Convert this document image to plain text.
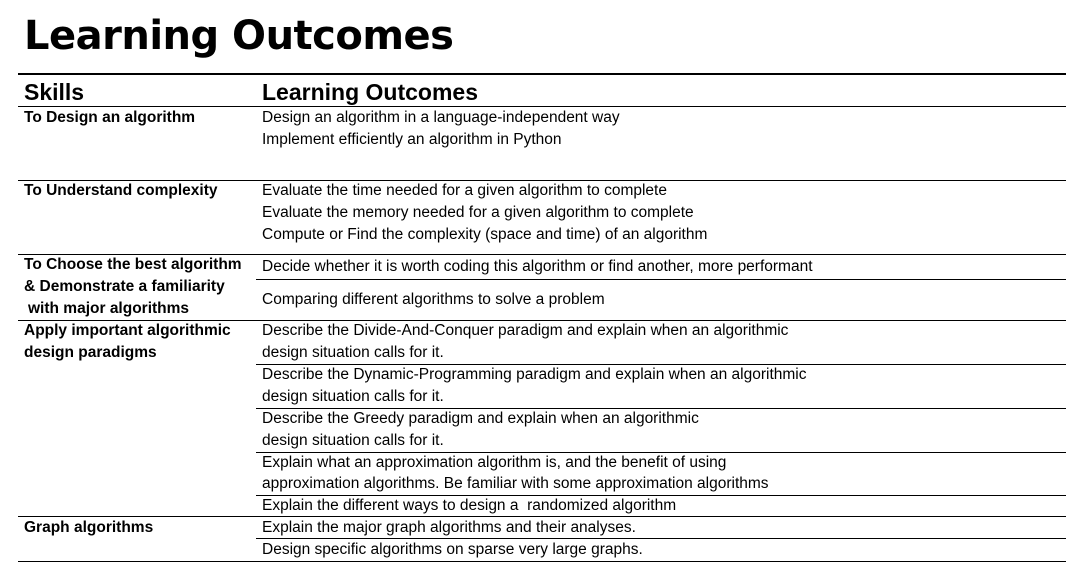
Learning Outcomes
Skills	Learning Outcomes
To Design an algorithm
To Understand complexity
To Choose the best algorithm
& Demonstrate a familiarity
with major algorithms
Apply important algorithmic
design paradigms
Graph algorithms
Design an algorithm in a language-independent way
Implement efficiently an algorithm in Python
Evaluate the time needed for a given algorithm to complete
Evaluate the memory needed for a given algorithm to complete
Compute or Find the complexity (space and time) of an algorithm
Decide whether it is worth coding this algorithm or find another, more performant
Comparing different algorithms to solve a problem
Describe the Divide-And-Conquer paradigm and explain when an algorithmic
design situation calls for it.
Describe the Dynamic-Programming paradigm and explain when an algorithmic
design situation calls for it.
Describe the Greedy paradigm and explain when an algorithmic
design situation calls for it.
Explain what an approximation algorithm is, and the benefit of using
approximation algorithms. Be familiar with some approximation algorithms
Explain the different ways to design a  randomized algorithm
Explain the major graph algorithms and their analyses.
Design specific algorithms on sparse very large graphs.
